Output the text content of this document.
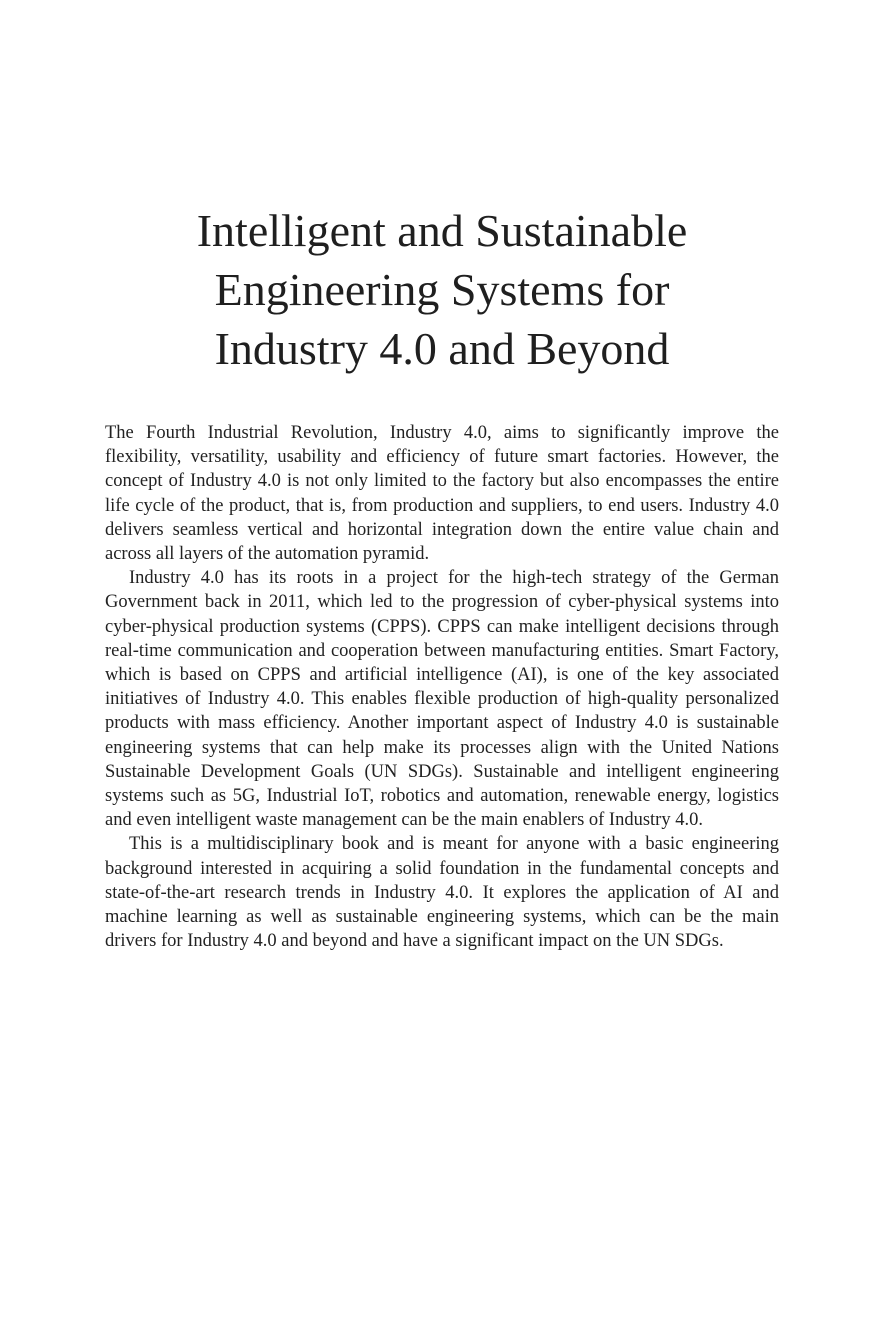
Intelligent and Sustainable
Engineering Systems for
Industry 4.0 and Beyond

The Fourth Industrial Revolution, Industry 4.0, aims to significantly improve the flexibility, versatility, usability and efficiency of future smart factories. However, the concept of Industry 4.0 is not only limited to the factory but also encompasses the entire life cycle of the product, that is, from production and suppliers, to end users. Industry 4.0 delivers seamless vertical and horizontal integration down the entire value chain and across all layers of the automation pyramid.

Industry 4.0 has its roots in a project for the high-tech strategy of the German Government back in 2011, which led to the progression of cyber-physical systems into cyber-physical production systems (CPPS). CPPS can make intelligent decisions through real-time communication and cooperation between manufacturing entities. Smart Factory, which is based on CPPS and artificial intelligence (AI), is one of the key associated initiatives of Industry 4.0. This enables flexible production of high-quality personalized products with mass efficiency. Another important aspect of Industry 4.0 is sustainable engineering systems that can help make its processes align with the United Nations Sustainable Development Goals (UN SDGs). Sustainable and intelligent engineering systems such as 5G, Industrial IoT, robotics and automation, renewable energy, logistics and even intelligent waste management can be the main enablers of Industry 4.0.

This is a multidisciplinary book and is meant for anyone with a basic engineering background interested in acquiring a solid foundation in the fundamental concepts and state-of-the-art research trends in Industry 4.0. It explores the application of AI and machine learning as well as sustainable engineering systems, which can be the main drivers for Industry 4.0 and beyond and have a significant impact on the UN SDGs.
